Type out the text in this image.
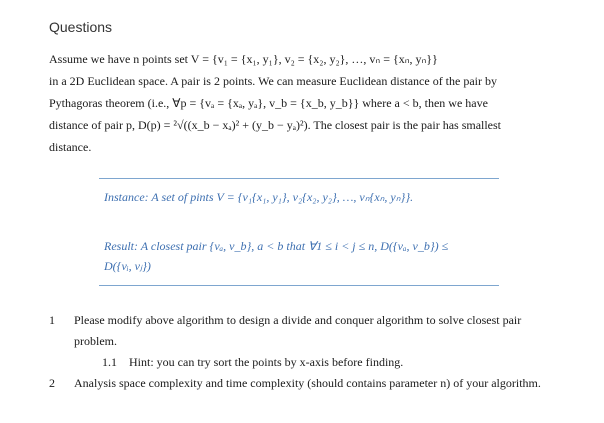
Questions
Assume we have n points set V = {v₁ = {x₁, y₁}, v₂ = {x₂, y₂}, …, vₙ = {xₙ, yₙ}}
in a 2D Euclidean space. A pair is 2 points. We can measure Euclidean distance of the pair by
Pythagoras theorem (i.e., ∀p = {vₐ = {xₐ, yₐ}, v_b = {x_b, y_b}} where a < b, then we have
distance of pair p, D(p) = ²√((x_b − xₐ)² + (y_b − yₐ)²). The closest pair is the pair has smallest
distance.
Instance: A set of pints V = {v₁{x₁, y₁}, v₂{x₂, y₂}, …, vₙ{xₙ, yₙ}}.
Result: A closest pair {vₐ, v_b}, a < b that ∀1 ≤ i < j ≤ n, D({vₐ, v_b}) ≤
D({vᵢ, vⱼ})
1 Please modify above algorithm to design a divide and conquer algorithm to solve closest pair problem.
1.1 Hint: you can try sort the points by x-axis before finding.
2 Analysis space complexity and time complexity (should contains parameter n) of your algorithm.
